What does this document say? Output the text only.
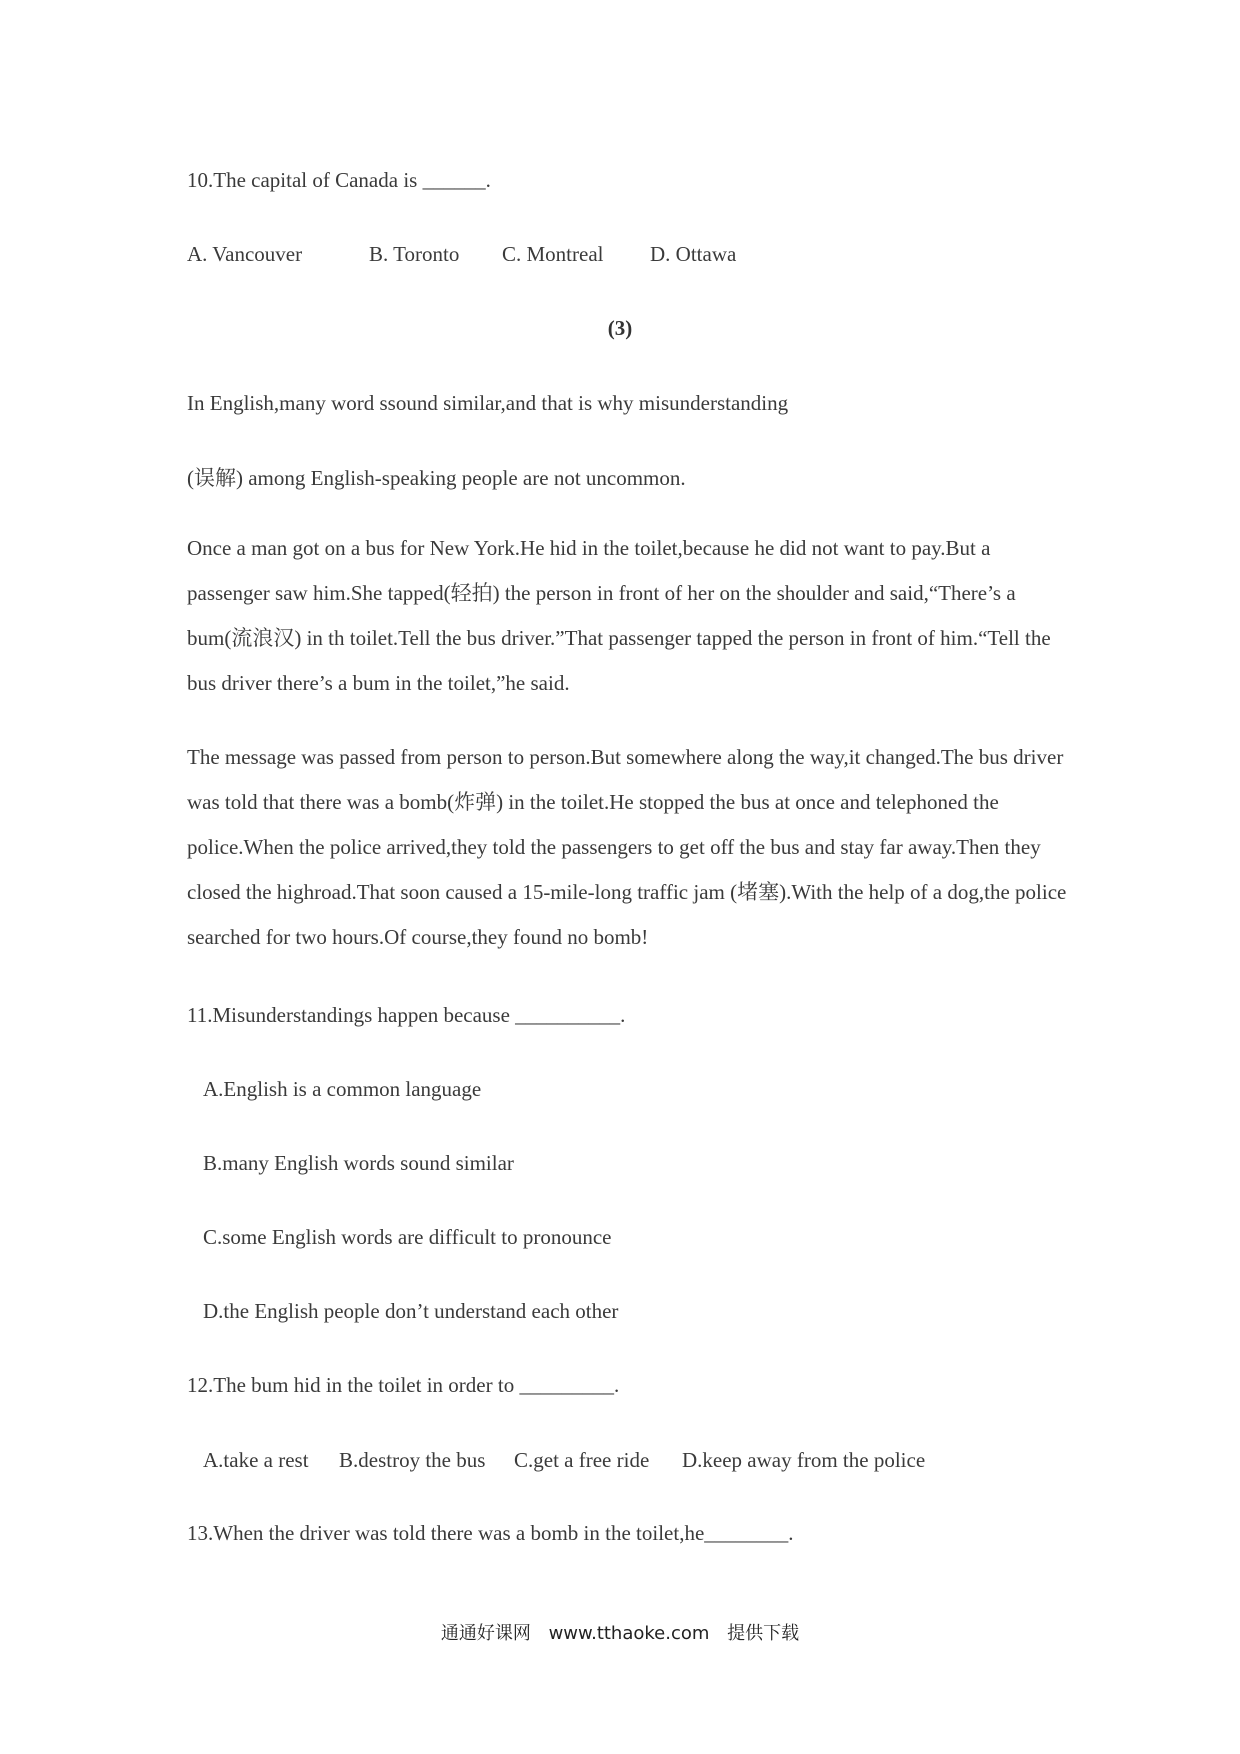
10.The capital of Canada is ______.
A. Vancouver	B. Toronto C. Montreal D. Ottawa
(3)
In English,many word ssound similar,and that is why misunderstanding
(误解) among English-speaking people are not uncommon.

Once a man got on a bus for New York.He hid in the toilet,because he did not want to pay.But a passenger saw him.She tapped(轻拍) the person in front of her on the shoulder and said,“There’s a bum(流浪汉) in th toilet.Tell the bus driver.”That passenger tapped the person in front of him.“Tell the bus driver there’s a bum in the toilet,”he said.

The message was passed from person to person.But somewhere along the way,it changed.The bus driver was told that there was a bomb(炸弹) in the toilet.He stopped the bus at once and telephoned the police.When the police arrived,they told the passengers to get off the bus and stay far away.Then they closed the highroad.That soon caused a 15-mile-long traffic jam (堵塞).With the help of a dog,the police searched for two hours.Of course,they found no bomb!

11.Misunderstandings happen because __________.
A.English is a common language
B.many English words sound similar
C.some English words are difficult to pronounce
D.the English people don’t understand each other
12.The bum hid in the toilet in order to _________.
A.take a rest B.destroy the bus C.get a free ride D.keep away from the police
13.When the driver was told there was a bomb in the toilet,he________.
通通好课网 www.tthaoke.com 提供下载
